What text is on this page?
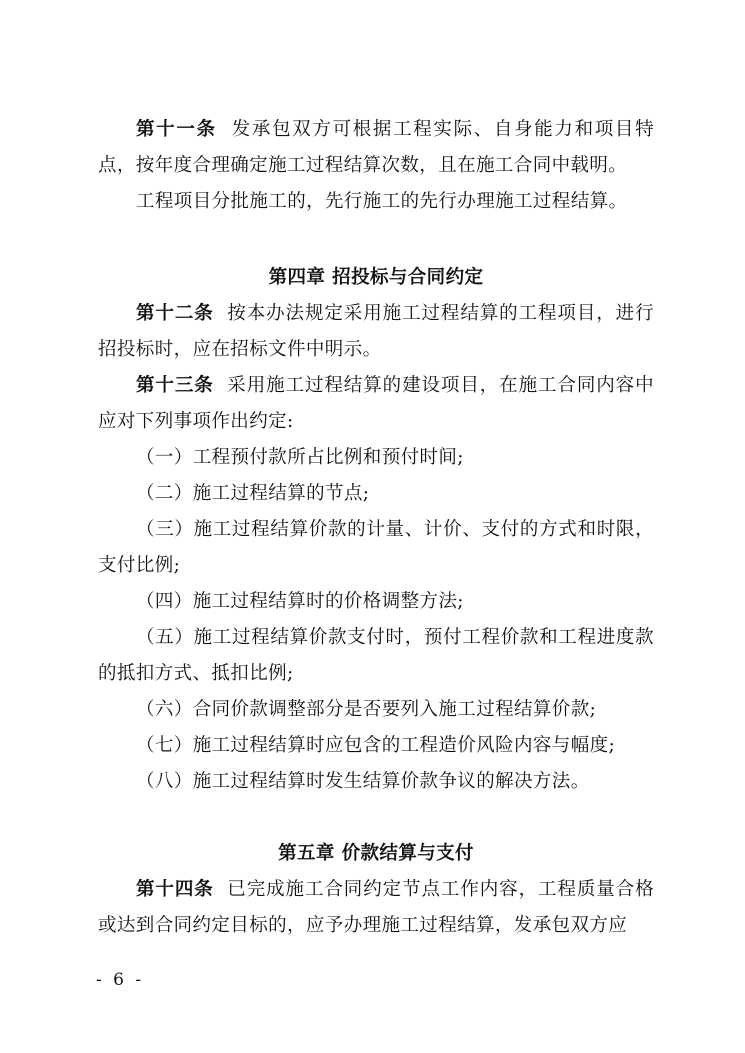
第十一条 发承包双方可根据工程实际、自身能力和项目特点，按年度合理确定施工过程结算次数，且在施工合同中载明。

工程项目分批施工的，先行施工的先行办理施工过程结算。

第四章 招投标与合同约定

第十二条 按本办法规定采用施工过程结算的工程项目，进行招投标时，应在招标文件中明示。

第十三条 采用施工过程结算的建设项目，在施工合同内容中应对下列事项作出约定:

（一）工程预付款所占比例和预付时间;

（二）施工过程结算的节点;

（三）施工过程结算价款的计量、计价、支付的方式和时限，支付比例;

（四）施工过程结算时的价格调整方法;

（五）施工过程结算价款支付时，预付工程价款和工程进度款的抵扣方式、抵扣比例;

（六）合同价款调整部分是否要列入施工过程结算价款;

（七）施工过程结算时应包含的工程造价风险内容与幅度;

（八）施工过程结算时发生结算价款争议的解决方法。

第五章 价款结算与支付

第十四条 已完成施工合同约定节点工作内容，工程质量合格或达到合同约定目标的，应予办理施工过程结算，发承包双方应

- 6 -
